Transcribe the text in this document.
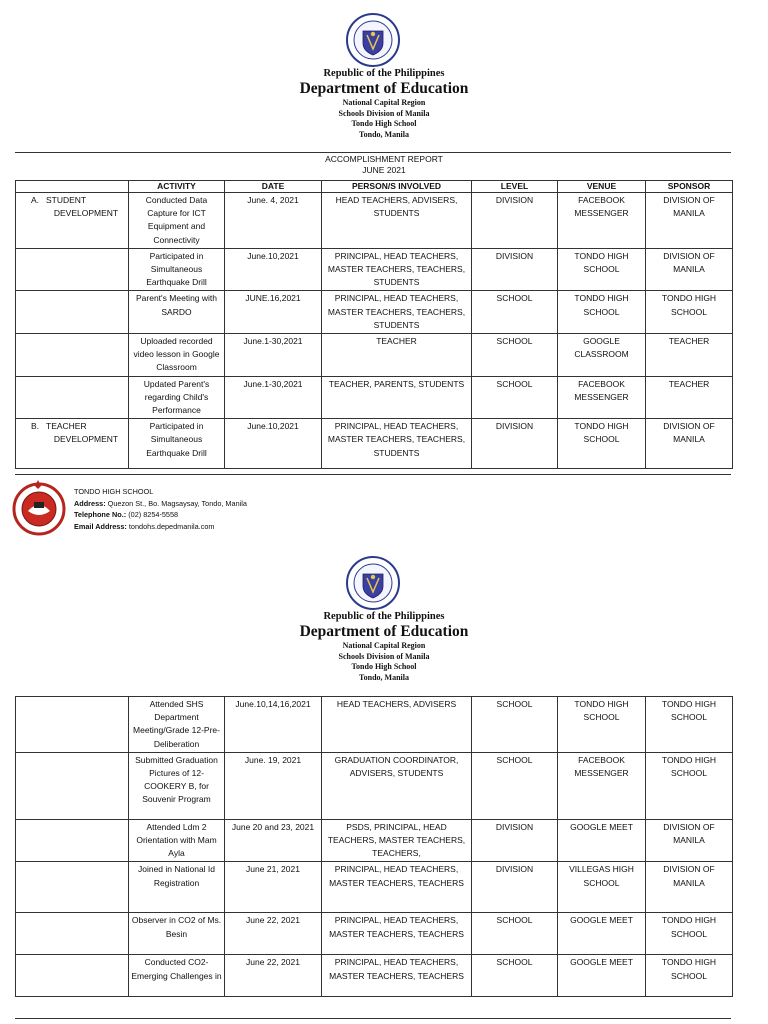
Republic of the Philippines
Department of Education
National Capital Region
Schools Division of Manila
Tondo High School
Tondo, Manila
ACCOMPLISHMENT REPORT
JUNE 2021
	ACTIVITY	DATE	PERSON/S INVOLVED	LEVEL	VENUE	SPONSOR

A. STUDENT
DEVELOPMENT	Conducted Data Capture for ICT Equipment and Connectivity	June. 4, 2021	HEAD TEACHERS, ADVISERS, STUDENTS	DIVISION	FACEBOOK MESSENGER	DIVISION OF MANILA
	Participated in Simultaneous Earthquake Drill	June.10,2021	PRINCIPAL, HEAD TEACHERS, MASTER TEACHERS, TEACHERS, STUDENTS	DIVISION	TONDO HIGH SCHOOL	DIVISION OF MANILA
	Parent's Meeting with SARDO	JUNE.16,2021	PRINCIPAL, HEAD TEACHERS, MASTER TEACHERS, TEACHERS, STUDENTS	SCHOOL	TONDO HIGH SCHOOL	TONDO HIGH SCHOOL
	Uploaded recorded video lesson in Google Classroom	June.1-30,2021	TEACHER	SCHOOL	GOOGLE CLASSROOM	TEACHER
	Updated Parent's regarding Child's Performance	June.1-30,2021	TEACHER, PARENTS, STUDENTS	SCHOOL	FACEBOOK MESSENGER	TEACHER

B. TEACHER
DEVELOPMENT	Participated in Simultaneous Earthquake Drill	June.10,2021	PRINCIPAL, HEAD TEACHERS, MASTER TEACHERS, TEACHERS, STUDENTS	DIVISION	TONDO HIGH SCHOOL	DIVISION OF MANILA
TONDO HIGH SCHOOL
Address: Quezon St., Bo. Magsaysay, Tondo, Manila
Telephone No.: (02) 8254-5558
Email Address: tondohs.depedmanila.com
Republic of the Philippines
Department of Education
National Capital Region
Schools Division of Manila
Tondo High School
Tondo, Manila
	Attended SHS Department Meeting/Grade 12-Pre-Deliberation	June.10,14,16,2021	HEAD TEACHERS, ADVISERS	SCHOOL	TONDO HIGH SCHOOL	TONDO HIGH SCHOOL
	Submitted Graduation Pictures of 12-COOKERY B, for Souvenir Program	June. 19, 2021	GRADUATION COORDINATOR, ADVISERS, STUDENTS	SCHOOL	FACEBOOK MESSENGER	TONDO HIGH SCHOOL
	Attended Ldm 2 Orientation with Mam Ayla	June 20 and 23, 2021	PSDS, PRINCIPAL, HEAD TEACHERS, MASTER TEACHERS, TEACHERS,	DIVISION	GOOGLE MEET	DIVISION OF MANILA
	Joined in National Id Registration	June 21, 2021	PRINCIPAL, HEAD TEACHERS, MASTER TEACHERS, TEACHERS	DIVISION	VILLEGAS HIGH SCHOOL	DIVISION OF MANILA
	Observer in CO2 of Ms. Besin	June 22, 2021	PRINCIPAL, HEAD TEACHERS, MASTER TEACHERS, TEACHERS	SCHOOL	GOOGLE MEET	TONDO HIGH SCHOOL
	Conducted CO2-Emerging Challenges in	June 22, 2021	PRINCIPAL, HEAD TEACHERS, MASTER TEACHERS, TEACHERS	SCHOOL	GOOGLE MEET	TONDO HIGH SCHOOL
